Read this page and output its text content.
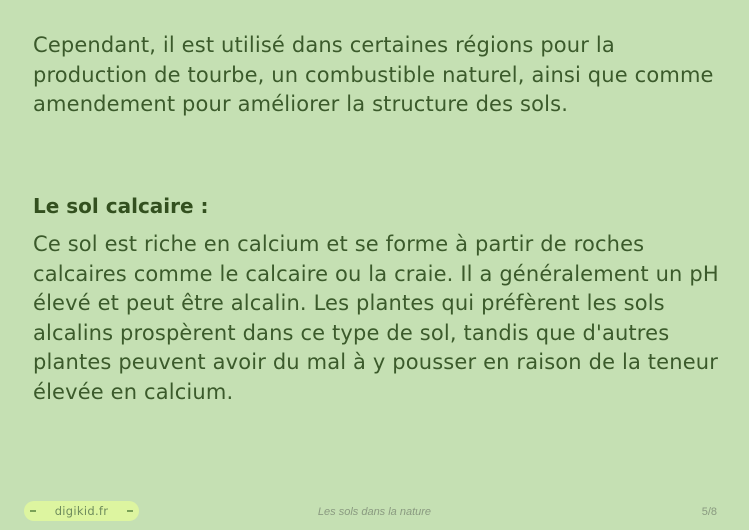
Cependant, il est utilisé dans certaines régions pour la production de tourbe, un combustible naturel, ainsi que comme amendement pour améliorer la structure des sols.

Le sol calcaire :

Ce sol est riche en calcium et se forme à partir de roches calcaires comme le calcaire ou la craie. Il a généralement un pH élevé et peut être alcalin. Les plantes qui préfèrent les sols alcalins prospèrent dans ce type de sol, tandis que d'autres plantes peuvent avoir du mal à y pousser en raison de la teneur élevée en calcium.

digikid.fr	Les sols dans la nature	5/8
